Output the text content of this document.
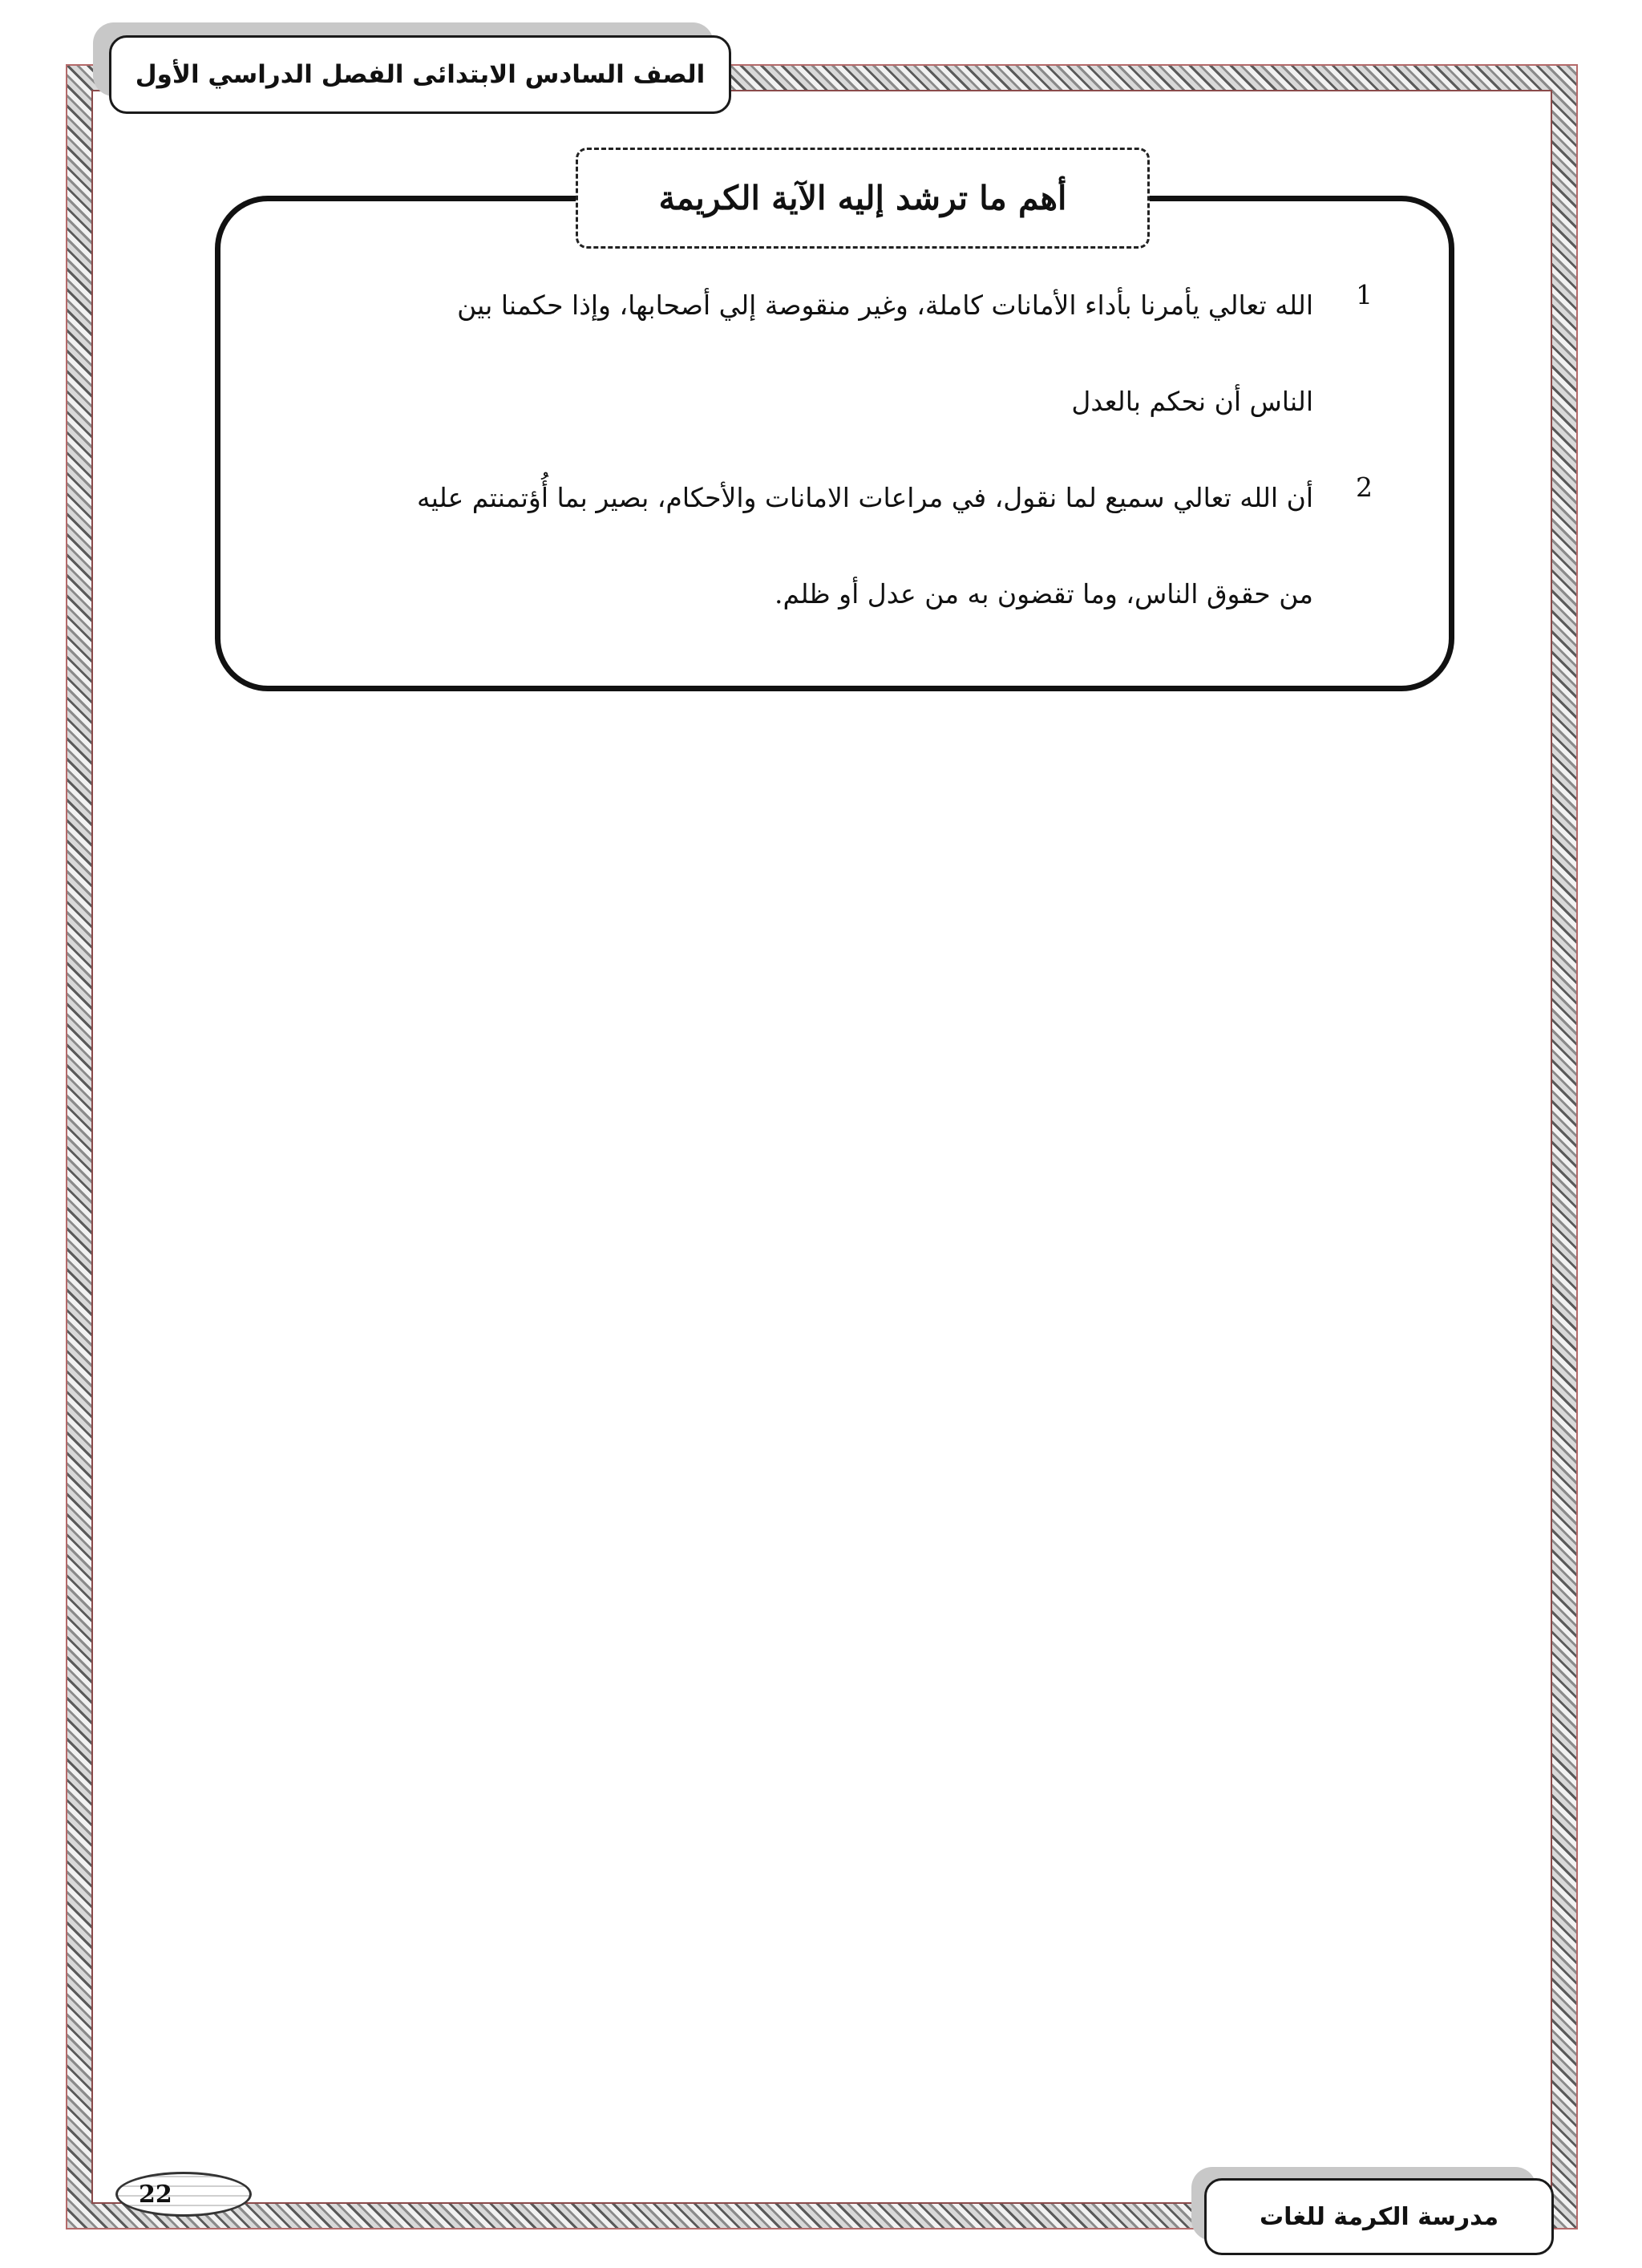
الصف السادس الابتدائى الفصل الدراسي الأول
أهم ما ترشد إليه الآية الكريمة
1
الله تعالي يأمرنا بأداء الأمانات كاملة، وغير منقوصة إلي أصحابها، وإذا حكمنا بين
الناس أن نحكم بالعدل
2
أن الله تعالي سميع لما نقول، في مراعات الامانات والأحكام، بصير بما أُؤتمنتم عليه
من حقوق الناس، وما تقضون به من عدل أو ظلم.
22
مدرسة الكرمة للغات
